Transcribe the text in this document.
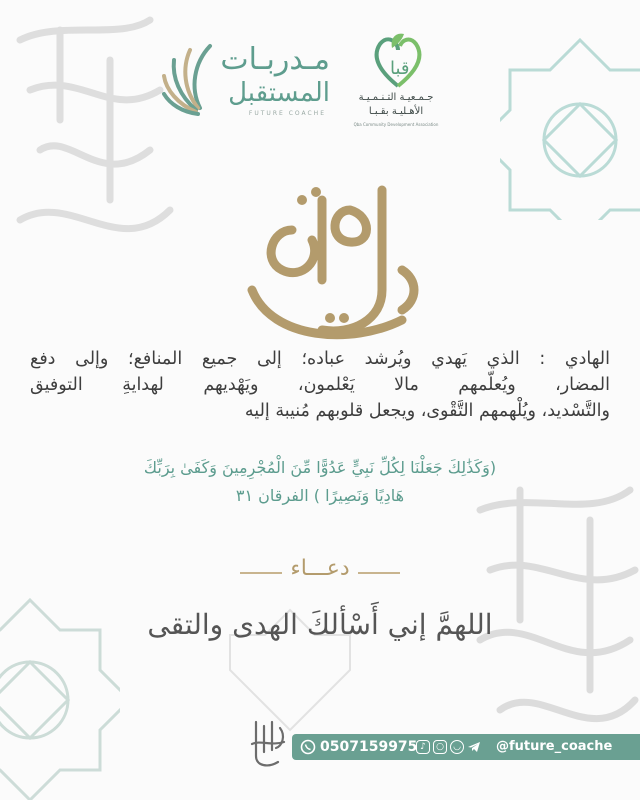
مـدربـات
المستقبل
FUTURE COACHE
قبا
جـمـعيـة التـنـمـيـة
الأهـليـة بقـبـا
Qba Community Development Association
الهادي : الذي يَهدي ويُرشد عباده؛ إلى جميع المنافع؛ وإلى دفع
المضار، ويُعلّمهم مالا يَعْلمون، ويَهْديهم لهدايةِ التوفيق
والتَّسْديد، ويُلْهمهم التَّقْوى، ويجعل قلوبهم مُنيبة إليه
(وَكَذَٰلِكَ جَعَلْنَا لِكُلِّ نَبِيٍّ عَدُوًّا مِّنَ الْمُجْرِمِينَ وَكَفَىٰ بِرَبِّكَ
هَادِيًا وَنَصِيرًا ) الفرقان ٣١
دعـــاء
اللهمَّ إني أَسْألكَ الهدى والتقى
0507159975 ♪	○	◡	@future_coache
